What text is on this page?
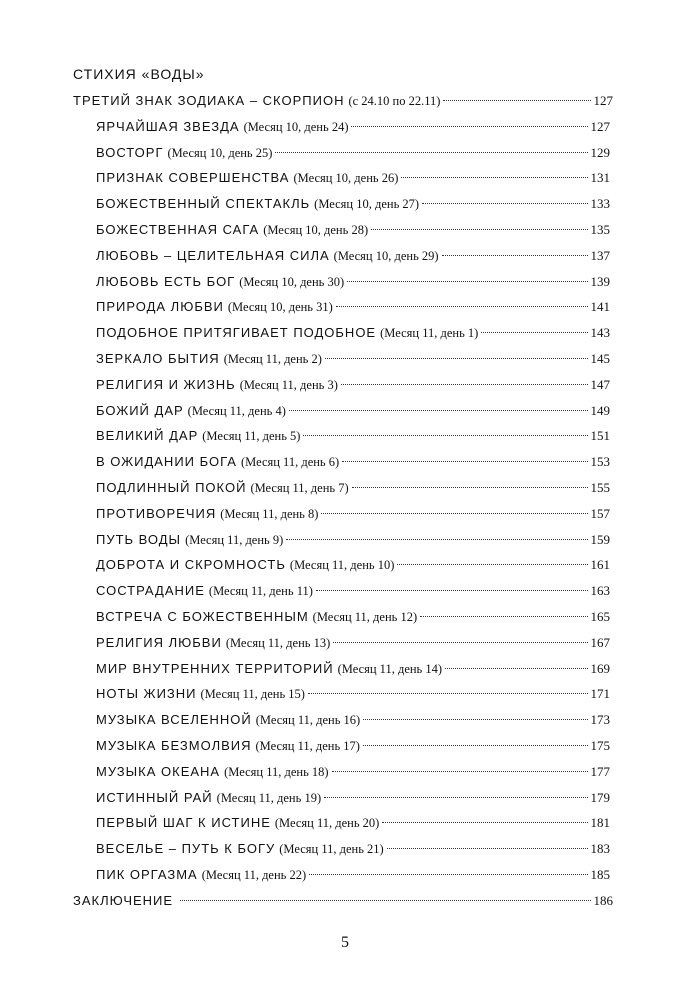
СТИХИЯ «ВОДЫ»
ТРЕТИЙ ЗНАК ЗОДИАКА – СКОРПИОН (с 24.10 по 22.11)	127
ЯРЧАЙШАЯ ЗВЕЗДА (Месяц 10, день 24)	127
ВОСТОРГ (Месяц 10, день 25)	129
ПРИЗНАК СОВЕРШЕНСТВА (Месяц 10, день 26)	131
БОЖЕСТВЕННЫЙ СПЕКТАКЛЬ (Месяц 10, день 27)	133
БОЖЕСТВЕННАЯ САГА (Месяц 10, день 28)	135
ЛЮБОВЬ – ЦЕЛИТЕЛЬНАЯ СИЛА (Месяц 10, день 29)	137
ЛЮБОВЬ ЕСТЬ БОГ (Месяц 10, день 30)	139
ПРИРОДА ЛЮБВИ (Месяц 10, день 31)	141
ПОДОБНОЕ ПРИТЯГИВАЕТ ПОДОБНОЕ (Месяц 11, день 1)	143
ЗЕРКАЛО БЫТИЯ (Месяц 11, день 2)	145
РЕЛИГИЯ И ЖИЗНЬ (Месяц 11, день 3)	147
БОЖИЙ ДАР (Месяц 11, день 4)	149
ВЕЛИКИЙ ДАР (Месяц 11, день 5)	151
В ОЖИДАНИИ БОГА (Месяц 11, день 6)	153
ПОДЛИННЫЙ ПОКОЙ (Месяц 11, день 7)	155
ПРОТИВОРЕЧИЯ (Месяц 11, день 8)	157
ПУТЬ ВОДЫ (Месяц 11, день 9)	159
ДОБРОТА И СКРОМНОСТЬ (Месяц 11, день 10)	161
СОСТРАДАНИЕ (Месяц 11, день 11)	163
ВСТРЕЧА С БОЖЕСТВЕННЫМ (Месяц 11, день 12)	165
РЕЛИГИЯ ЛЮБВИ (Месяц 11, день 13)	167
МИР ВНУТРЕННИХ ТЕРРИТОРИЙ (Месяц 11, день 14)	169
НОТЫ ЖИЗНИ (Месяц 11, день 15)	171
МУЗЫКА ВСЕЛЕННОЙ (Месяц 11, день 16)	173
МУЗЫКА БЕЗМОЛВИЯ (Месяц 11, день 17)	175
МУЗЫКА ОКЕАНА (Месяц 11, день 18)	177
ИСТИННЫЙ РАЙ (Месяц 11, день 19)	179
ПЕРВЫЙ ШАГ К ИСТИНЕ (Месяц 11, день 20)	181
ВЕСЕЛЬЕ – ПУТЬ К БОГУ (Месяц 11, день 21)	183
ПИК ОРГАЗМА (Месяц 11, день 22)	185
ЗАКЛЮЧЕНИЕ	186
5
